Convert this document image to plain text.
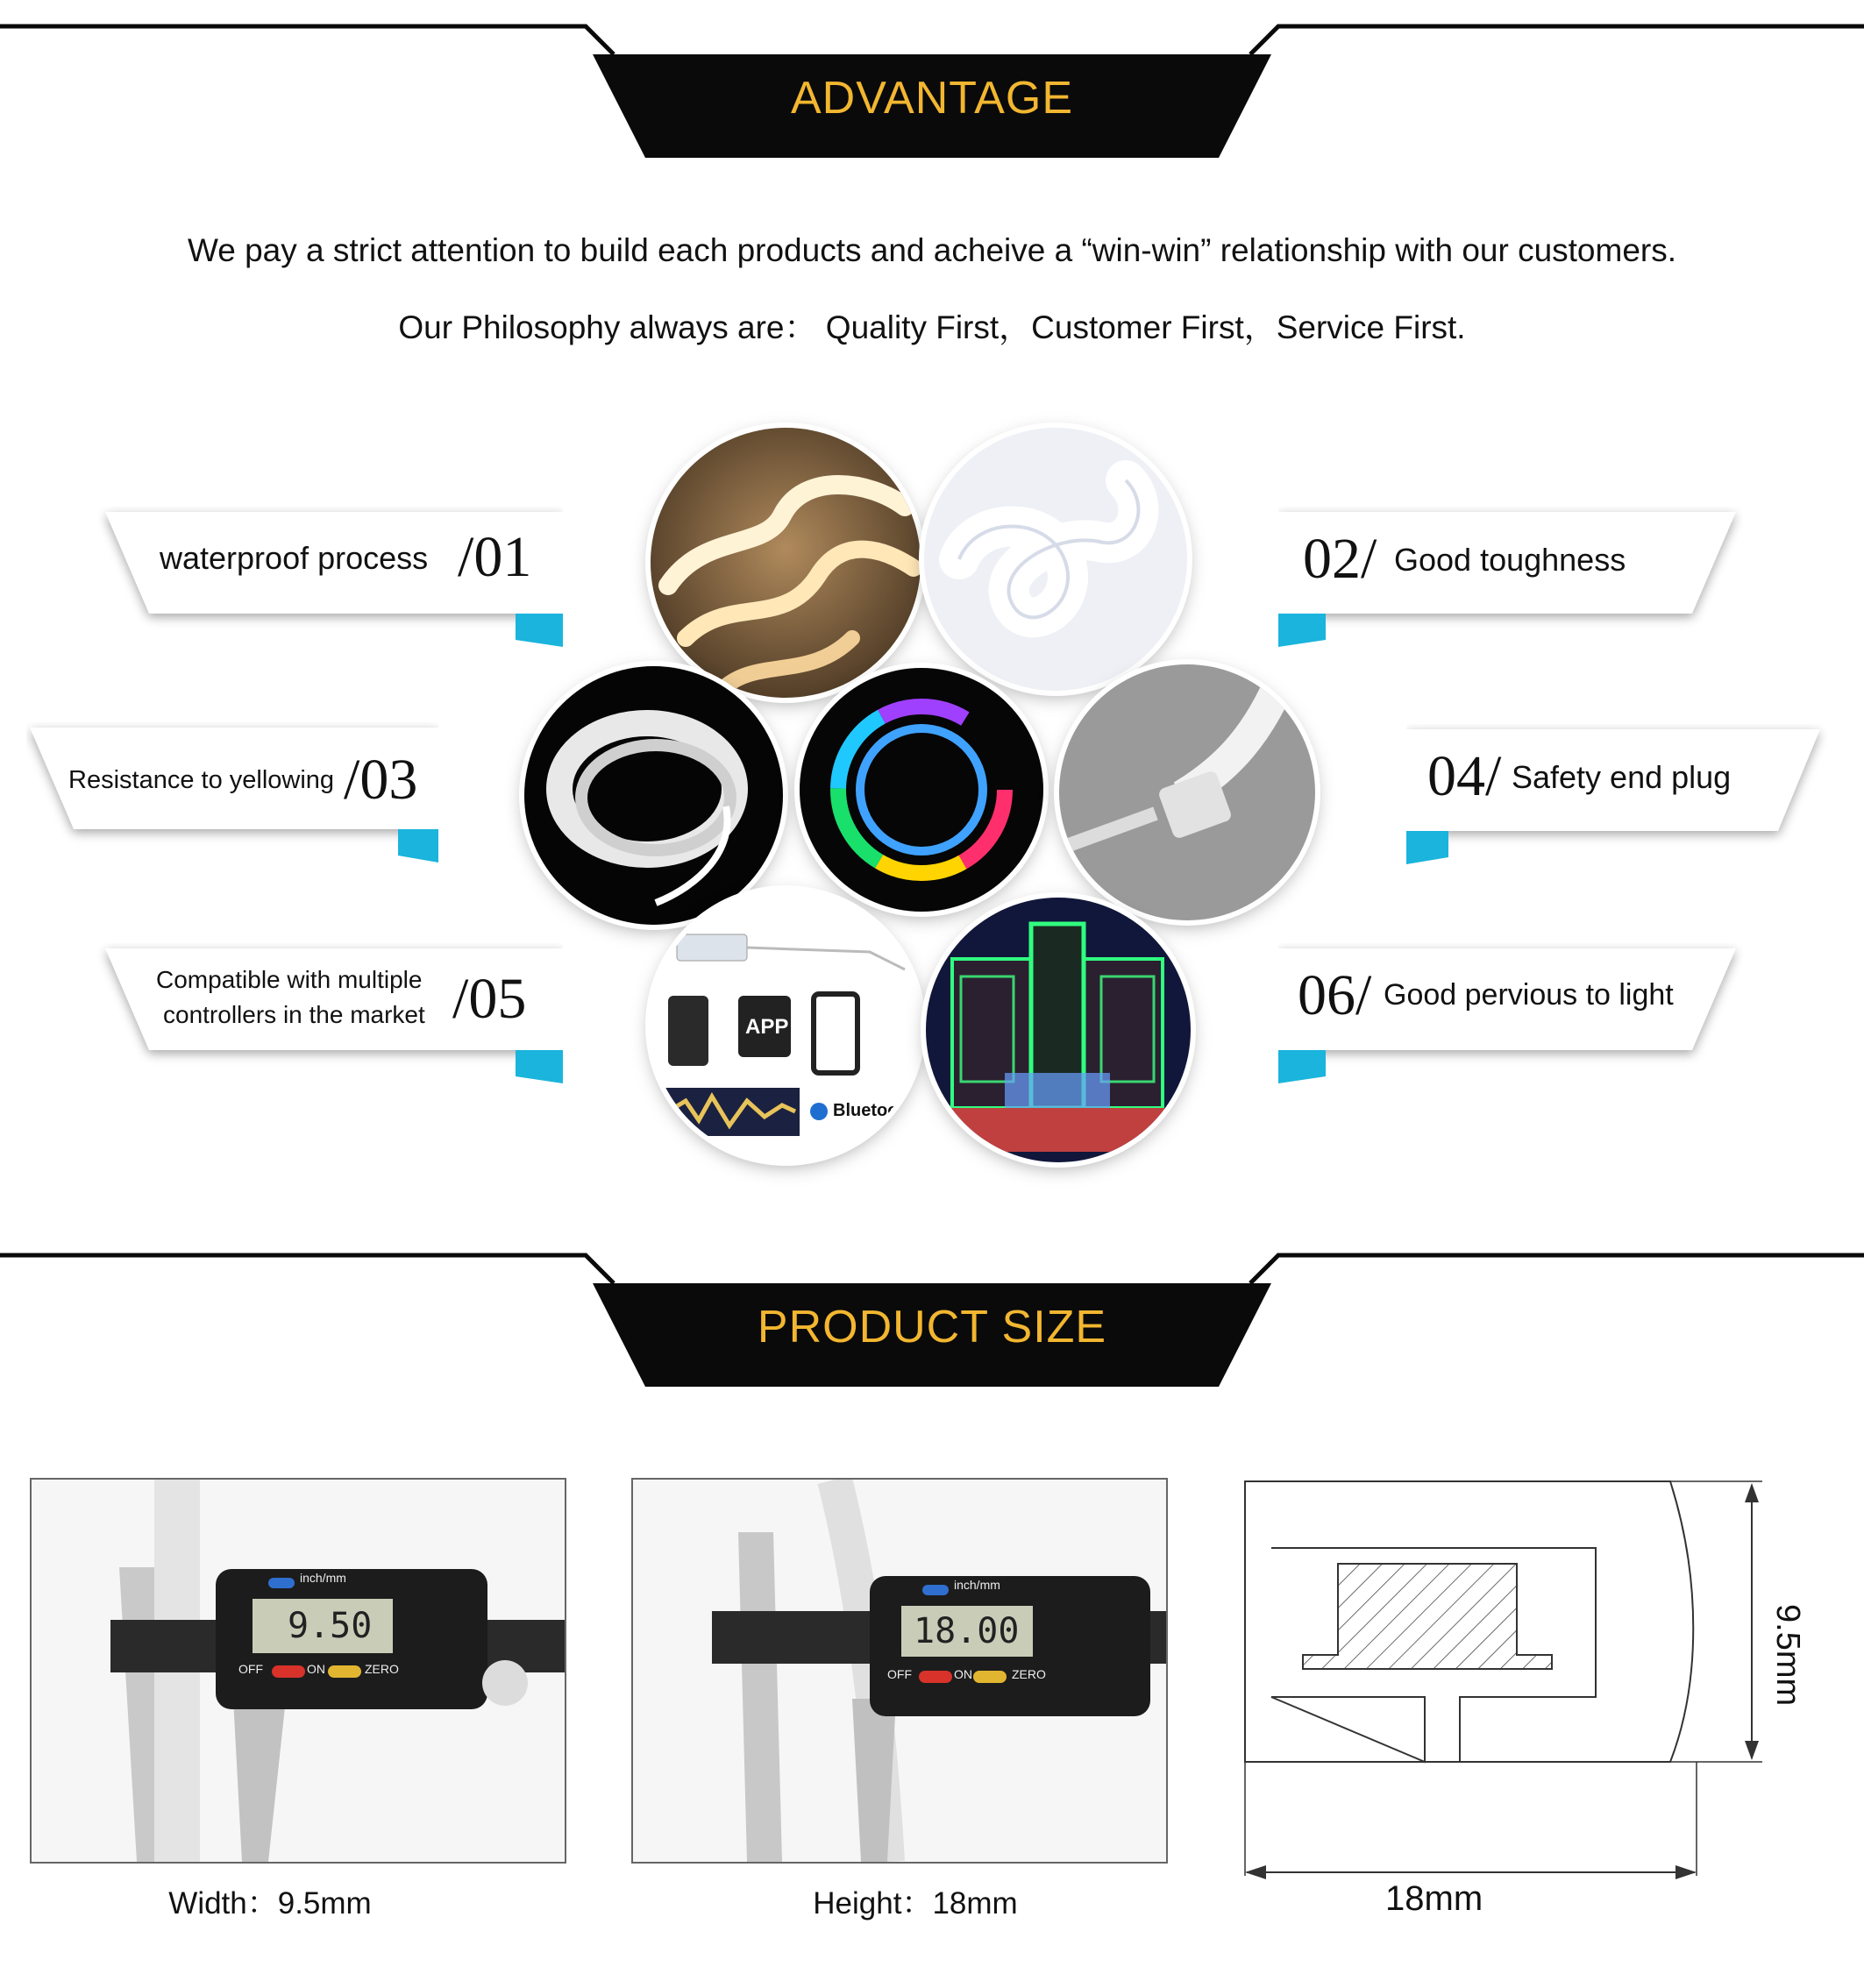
ADVANTAGE
We pay a strict attention to build each products and acheive a “win-win” relationship with our customers.
Our Philosophy always are： Quality First，Customer First，Service First.
APP
Bluetoo
waterproof process /01
Resistance to yellowing /03
Compatible with multiple
controllers in the market /05
02/ Good toughness
04/ Safety end plug
06/ Good pervious to light
PRODUCT SIZE
inch/mm
9.50
OFF	ON	ZERO
Width：9.5mm
inch/mm
18.00
OFF	ON	ZERO
Height：18mm
9.5mm
18mm
